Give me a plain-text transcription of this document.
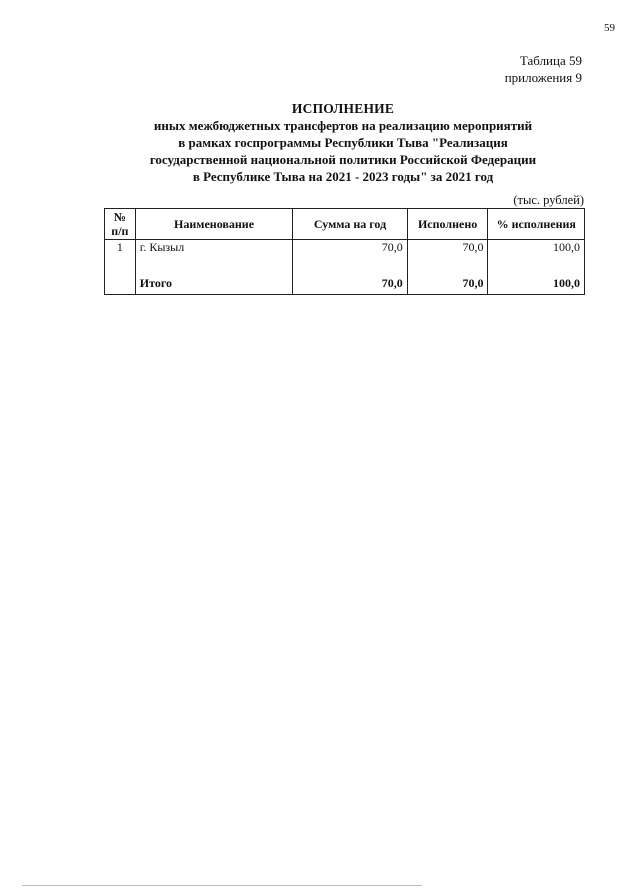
59
Таблица 59
приложения 9
ИСПОЛНЕНИЕ
иных межбюджетных трансфертов на реализацию мероприятий
в рамках госпрограммы Республики Тыва "Реализация
государственной национальной политики Российской Федерации
в Республике Тыва на 2021 - 2023 годы" за 2021 год
(тыс. рублей)
№ п/п	Наименование	Сумма на год	Исполнено	% исполнения
1	г. Кызыл	70,0	70,0	100,0
	Итого	70,0	70,0	100,0
